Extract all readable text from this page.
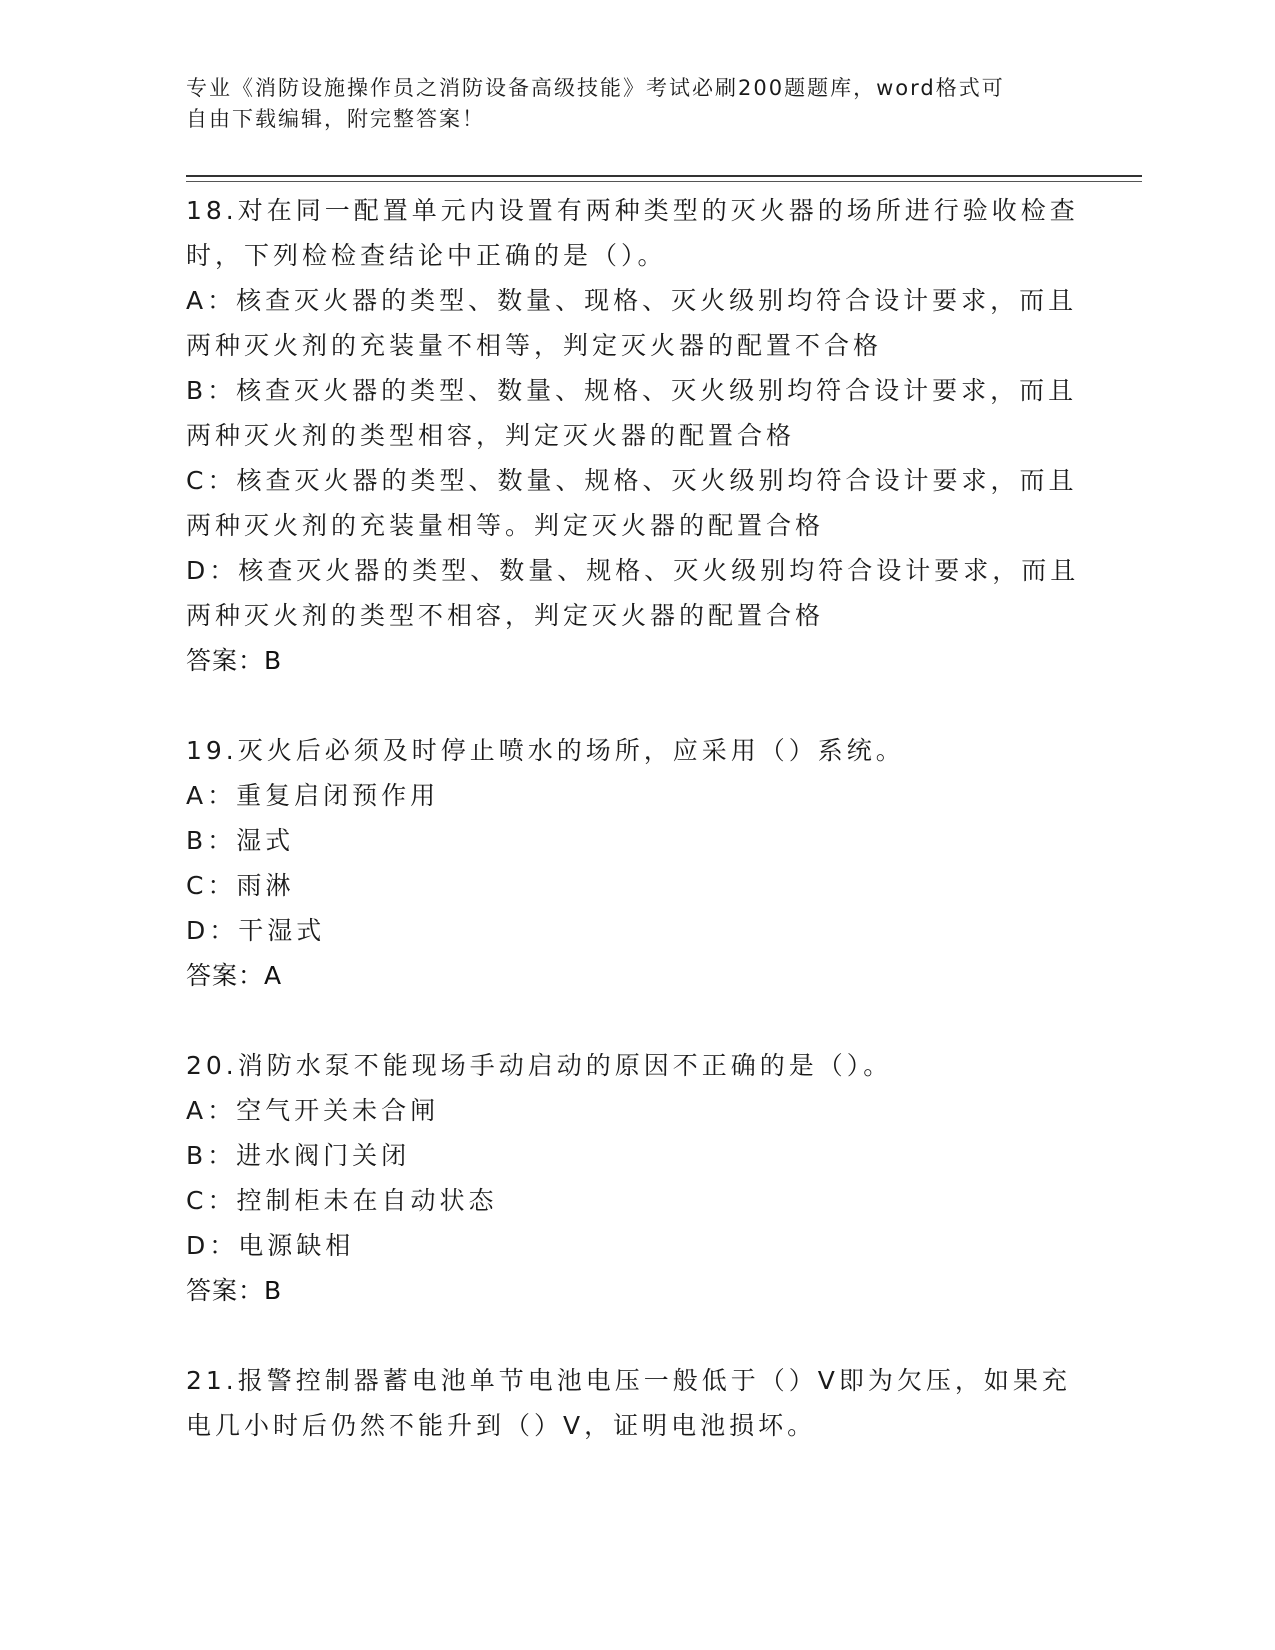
专业《消防设施操作员之消防设备高级技能》考试必刷200题题库，word格式可
自由下载编辑，附完整答案！

18.对在同一配置单元内设置有两种类型的灭火器的场所进行验收检查

时，下列检检查结论中正确的是（）。

A：核查灭火器的类型、数量、现格、灭火级别均符合设计要求，而且

两种灭火剂的充装量不相等，判定灭火器的配置不合格

B：核查灭火器的类型、数量、规格、灭火级别均符合设计要求，而且

两种灭火剂的类型相容，判定灭火器的配置合格

C：核查灭火器的类型、数量、规格、灭火级别均符合设计要求，而且

两种灭火剂的充装量相等。判定灭火器的配置合格

D：核查灭火器的类型、数量、规格、灭火级别均符合设计要求，而且

两种灭火剂的类型不相容，判定灭火器的配置合格

答案：B

19.灭火后必须及时停止喷水的场所，应采用（）系统。

A：重复启闭预作用

B：湿式

C：雨淋

D：干湿式

答案：A

20.消防水泵不能现场手动启动的原因不正确的是（）。

A：空气开关未合闸

B：进水阀门关闭

C：控制柜未在自动状态

D：电源缺相

答案：B

21.报警控制器蓄电池单节电池电压一般低于（）V即为欠压，如果充

电几小时后仍然不能升到（）V，证明电池损坏。
